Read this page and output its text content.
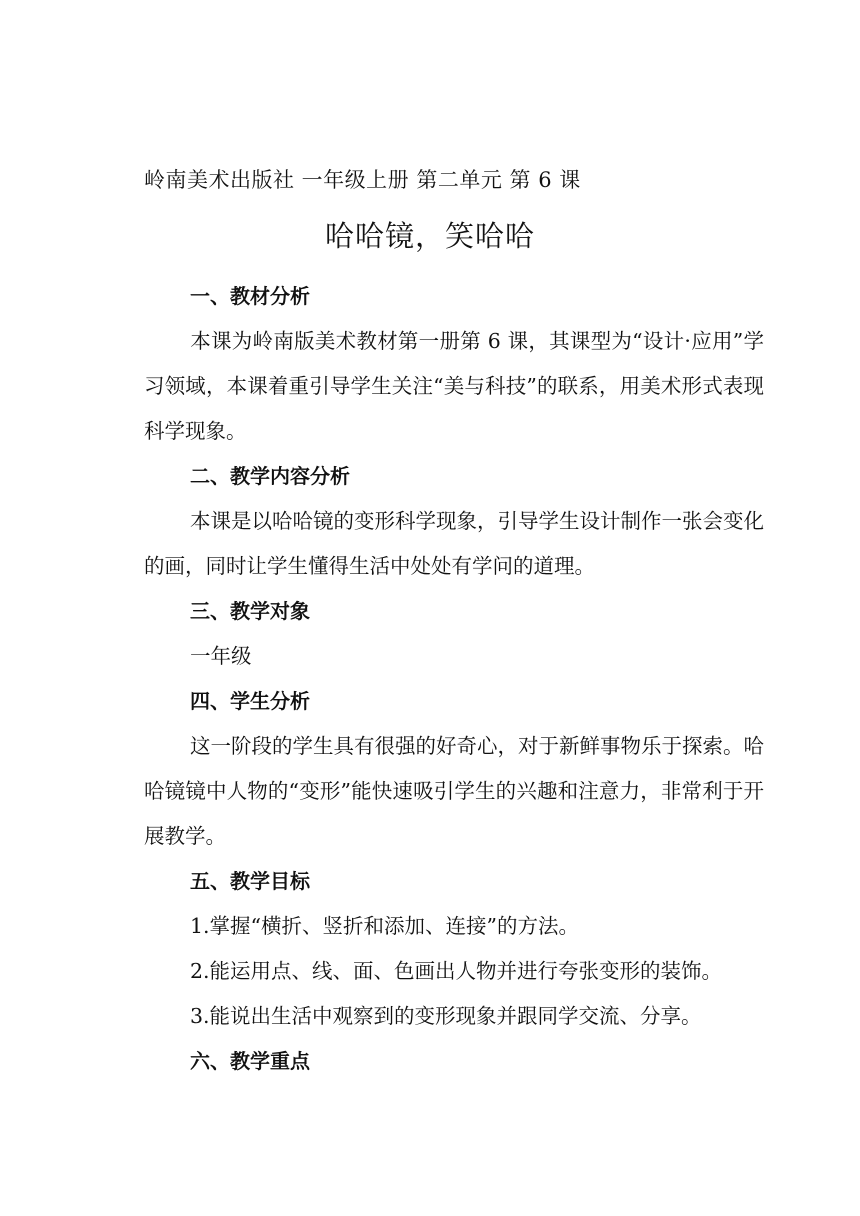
岭南美术出版社 一年级上册 第二单元 第 6 课
哈哈镜，笑哈哈
一、教材分析
本课为岭南版美术教材第一册第 6 课，其课型为“设计·应用”学习领域，本课着重引导学生关注“美与科技”的联系，用美术形式表现科学现象。
二、教学内容分析
本课是以哈哈镜的变形科学现象，引导学生设计制作一张会变化的画，同时让学生懂得生活中处处有学问的道理。
三、教学对象
一年级
四、学生分析
这一阶段的学生具有很强的好奇心，对于新鲜事物乐于探索。哈哈镜镜中人物的“变形”能快速吸引学生的兴趣和注意力，非常利于开展教学。
五、教学目标
1.掌握“横折、竖折和添加、连接”的方法。
2.能运用点、线、面、色画出人物并进行夸张变形的装饰。
3.能说出生活中观察到的变形现象并跟同学交流、分享。
六、教学重点
